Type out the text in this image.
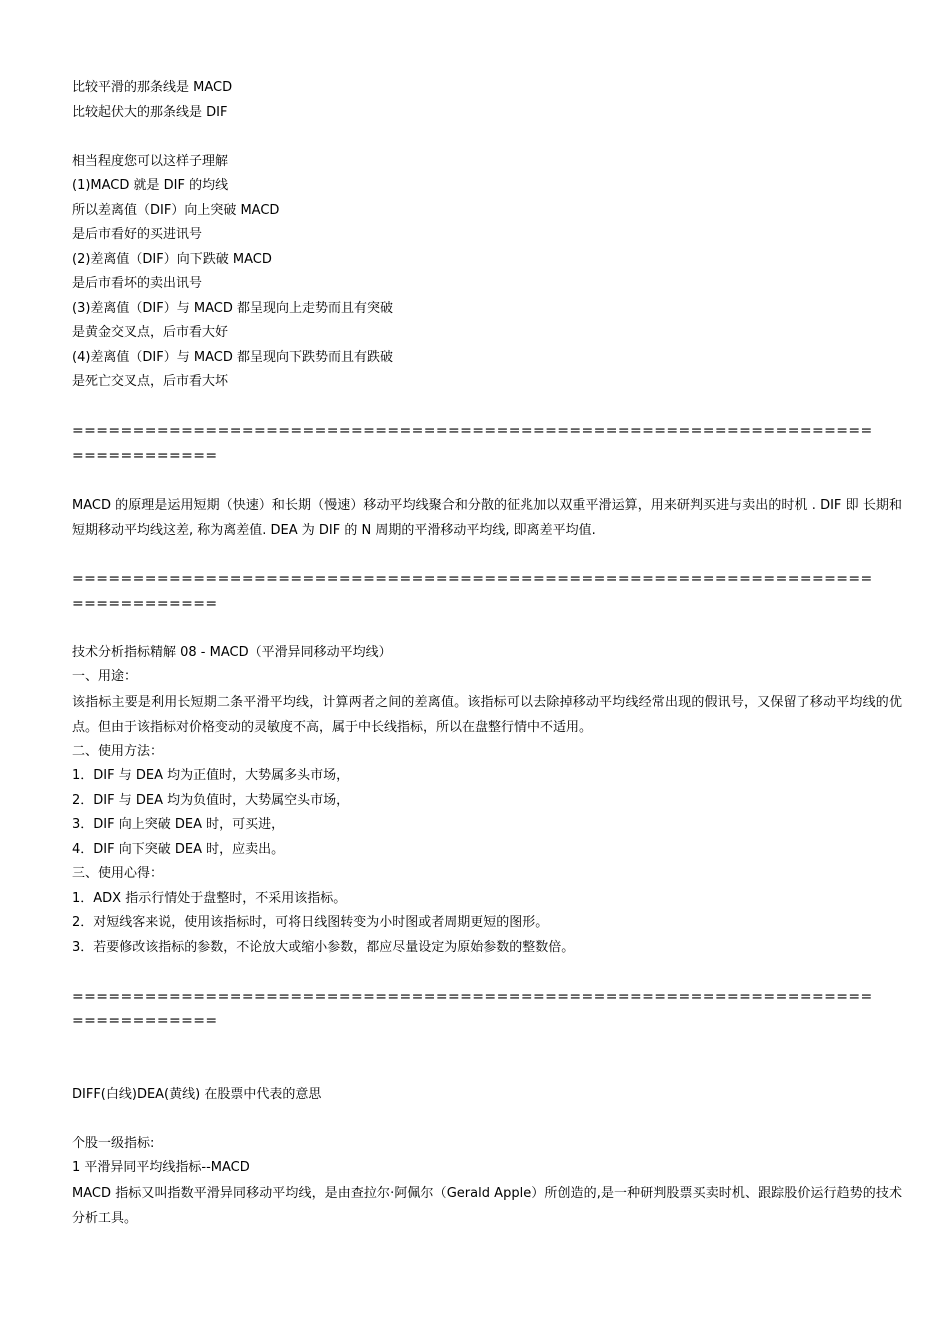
比较平滑的那条线是 MACD
比较起伏大的那条线是 DIF
相当程度您可以这样子理解
(1)MACD 就是 DIF 的均线
所以差离值（DIF）向上突破 MACD
是后市看好的买进讯号
(2)差离值（DIF）向下跌破 MACD
是后市看坏的卖出讯号
(3)差离值（DIF）与 MACD 都呈现向上走势而且有突破
是黄金交叉点，后市看大好
(4)差离值（DIF）与 MACD 都呈现向下跌势而且有跌破
是死亡交叉点，后市看大坏
==================================================================
============
MACD 的原理是运用短期（快速）和长期（慢速）移动平均线聚合和分散的征兆加以双重平滑运算，用来研判买进与卖出的时机 . DIF 即 长期和短期移动平均线这差, 称为离差值. DEA 为 DIF 的 N 周期的平滑移动平均线, 即离差平均值.
==================================================================
============
技术分析指标精解 08 - MACD（平滑异同移动平均线）
一、用途：
该指标主要是利用长短期二条平滑平均线，计算两者之间的差离值。该指标可以去除掉移动平均线经常出现的假讯号，又保留了移动平均线的优点。但由于该指标对价格变动的灵敏度不高，属于中长线指标，所以在盘整行情中不适用。
二、使用方法：
1．DIF 与 DEA 均为正值时，大势属多头市场，
2．DIF 与 DEA 均为负值时，大势属空头市场，
3．DIF 向上突破 DEA 时，可买进，
4．DIF 向下突破 DEA 时，应卖出。
三、使用心得：
1．ADX 指示行情处于盘整时，不采用该指标。
2．对短线客来说，使用该指标时，可将日线图转变为小时图或者周期更短的图形。
3．若要修改该指标的参数，不论放大或缩小参数，都应尽量设定为原始参数的整数倍。
==================================================================
============
DIFF(白线)DEA(黄线) 在股票中代表的意思
个股一级指标:
1 平滑异同平均线指标--MACD
MACD 指标又叫指数平滑异同移动平均线，是由查拉尔·阿佩尔（Gerald Apple）所创造的,是一种研判股票买卖时机、跟踪股价运行趋势的技术分析工具。
